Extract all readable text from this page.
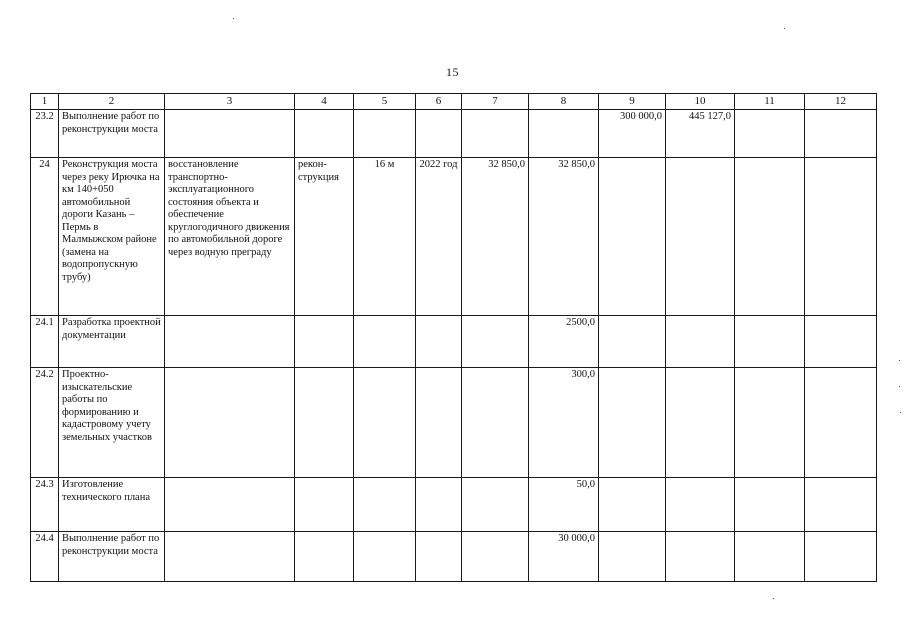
15
1	2	3	4	5	6	7	8	9	10	11	12
23.2	Выполнение работ по реконструкции моста							300 000,0	445 127,0		
24	Реконструкция моста через реку Ирючка на км 140+050 автомобильной дороги Казань – Пермь в Малмыжском районе (замена на водопропускную трубу)	восстановление транспортно-эксплуатационного состояния объекта и обеспечение круглогодичного движения по автомобильной дороге через водную преграду	рекон-струкция	16 м	2022 год	32 850,0	32 850,0				
24.1	Разработка проектной документации						2500,0				
24.2	Проектно-изыскательские работы по формированию и кадастровому учету земельных участков						300,0				
24.3	Изготовление технического плана						50,0				
24.4	Выполнение работ по реконструкции моста						30 000,0				
